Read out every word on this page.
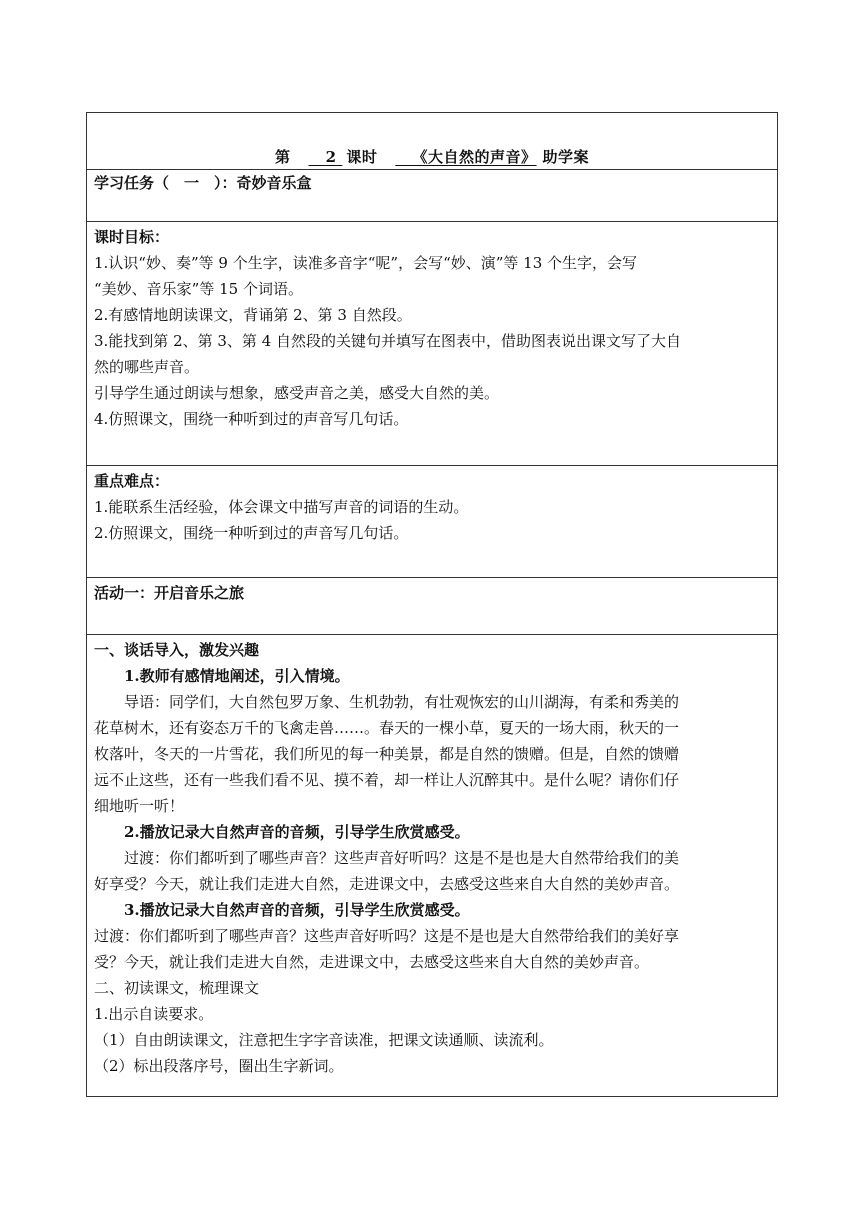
第 2 课时 《大自然的声音》 助学案
学习任务（　一　）：奇妙音乐盒
课时目标：
1.认识“妙、奏”等 9 个生字，读准多音字“呢”，会写“妙、演”等 13 个生字，会写
“美妙、音乐家”等 15 个词语。
2.有感情地朗读课文，背诵第 2、第 3 自然段。
3.能找到第 2、第 3、第 4 自然段的关键句并填写在图表中，借助图表说出课文写了大自
然的哪些声音。
引导学生通过朗读与想象，感受声音之美，感受大自然的美。
4.仿照课文，围绕一种听到过的声音写几句话。
重点难点：
1.能联系生活经验，体会课文中描写声音的词语的生动。
2.仿照课文，围绕一种听到过的声音写几句话。
活动一：开启音乐之旅
一、谈话导入，激发兴趣
1.教师有感情地阐述，引入情境。
导语：同学们，大自然包罗万象、生机勃勃，有壮观恢宏的山川湖海，有柔和秀美的
花草树木，还有姿态万千的飞禽走兽……。春天的一棵小草，夏天的一场大雨，秋天的一
枚落叶，冬天的一片雪花，我们所见的每一种美景，都是自然的馈赠。但是，自然的馈赠
远不止这些，还有一些我们看不见、摸不着，却一样让人沉醉其中。是什么呢？请你们仔
细地听一听！
2.播放记录大自然声音的音频，引导学生欣赏感受。
过渡：你们都听到了哪些声音？这些声音好听吗？这是不是也是大自然带给我们的美
好享受？今天，就让我们走进大自然，走进课文中，去感受这些来自大自然的美妙声音。
3.播放记录大自然声音的音频，引导学生欣赏感受。
过渡：你们都听到了哪些声音？这些声音好听吗？这是不是也是大自然带给我们的美好享
受？今天，就让我们走进大自然，走进课文中，去感受这些来自大自然的美妙声音。
二、初读课文，梳理课文
1.出示自读要求。
（1）自由朗读课文，注意把生字字音读准，把课文读通顺、读流利。
（2）标出段落序号，圈出生字新词。
